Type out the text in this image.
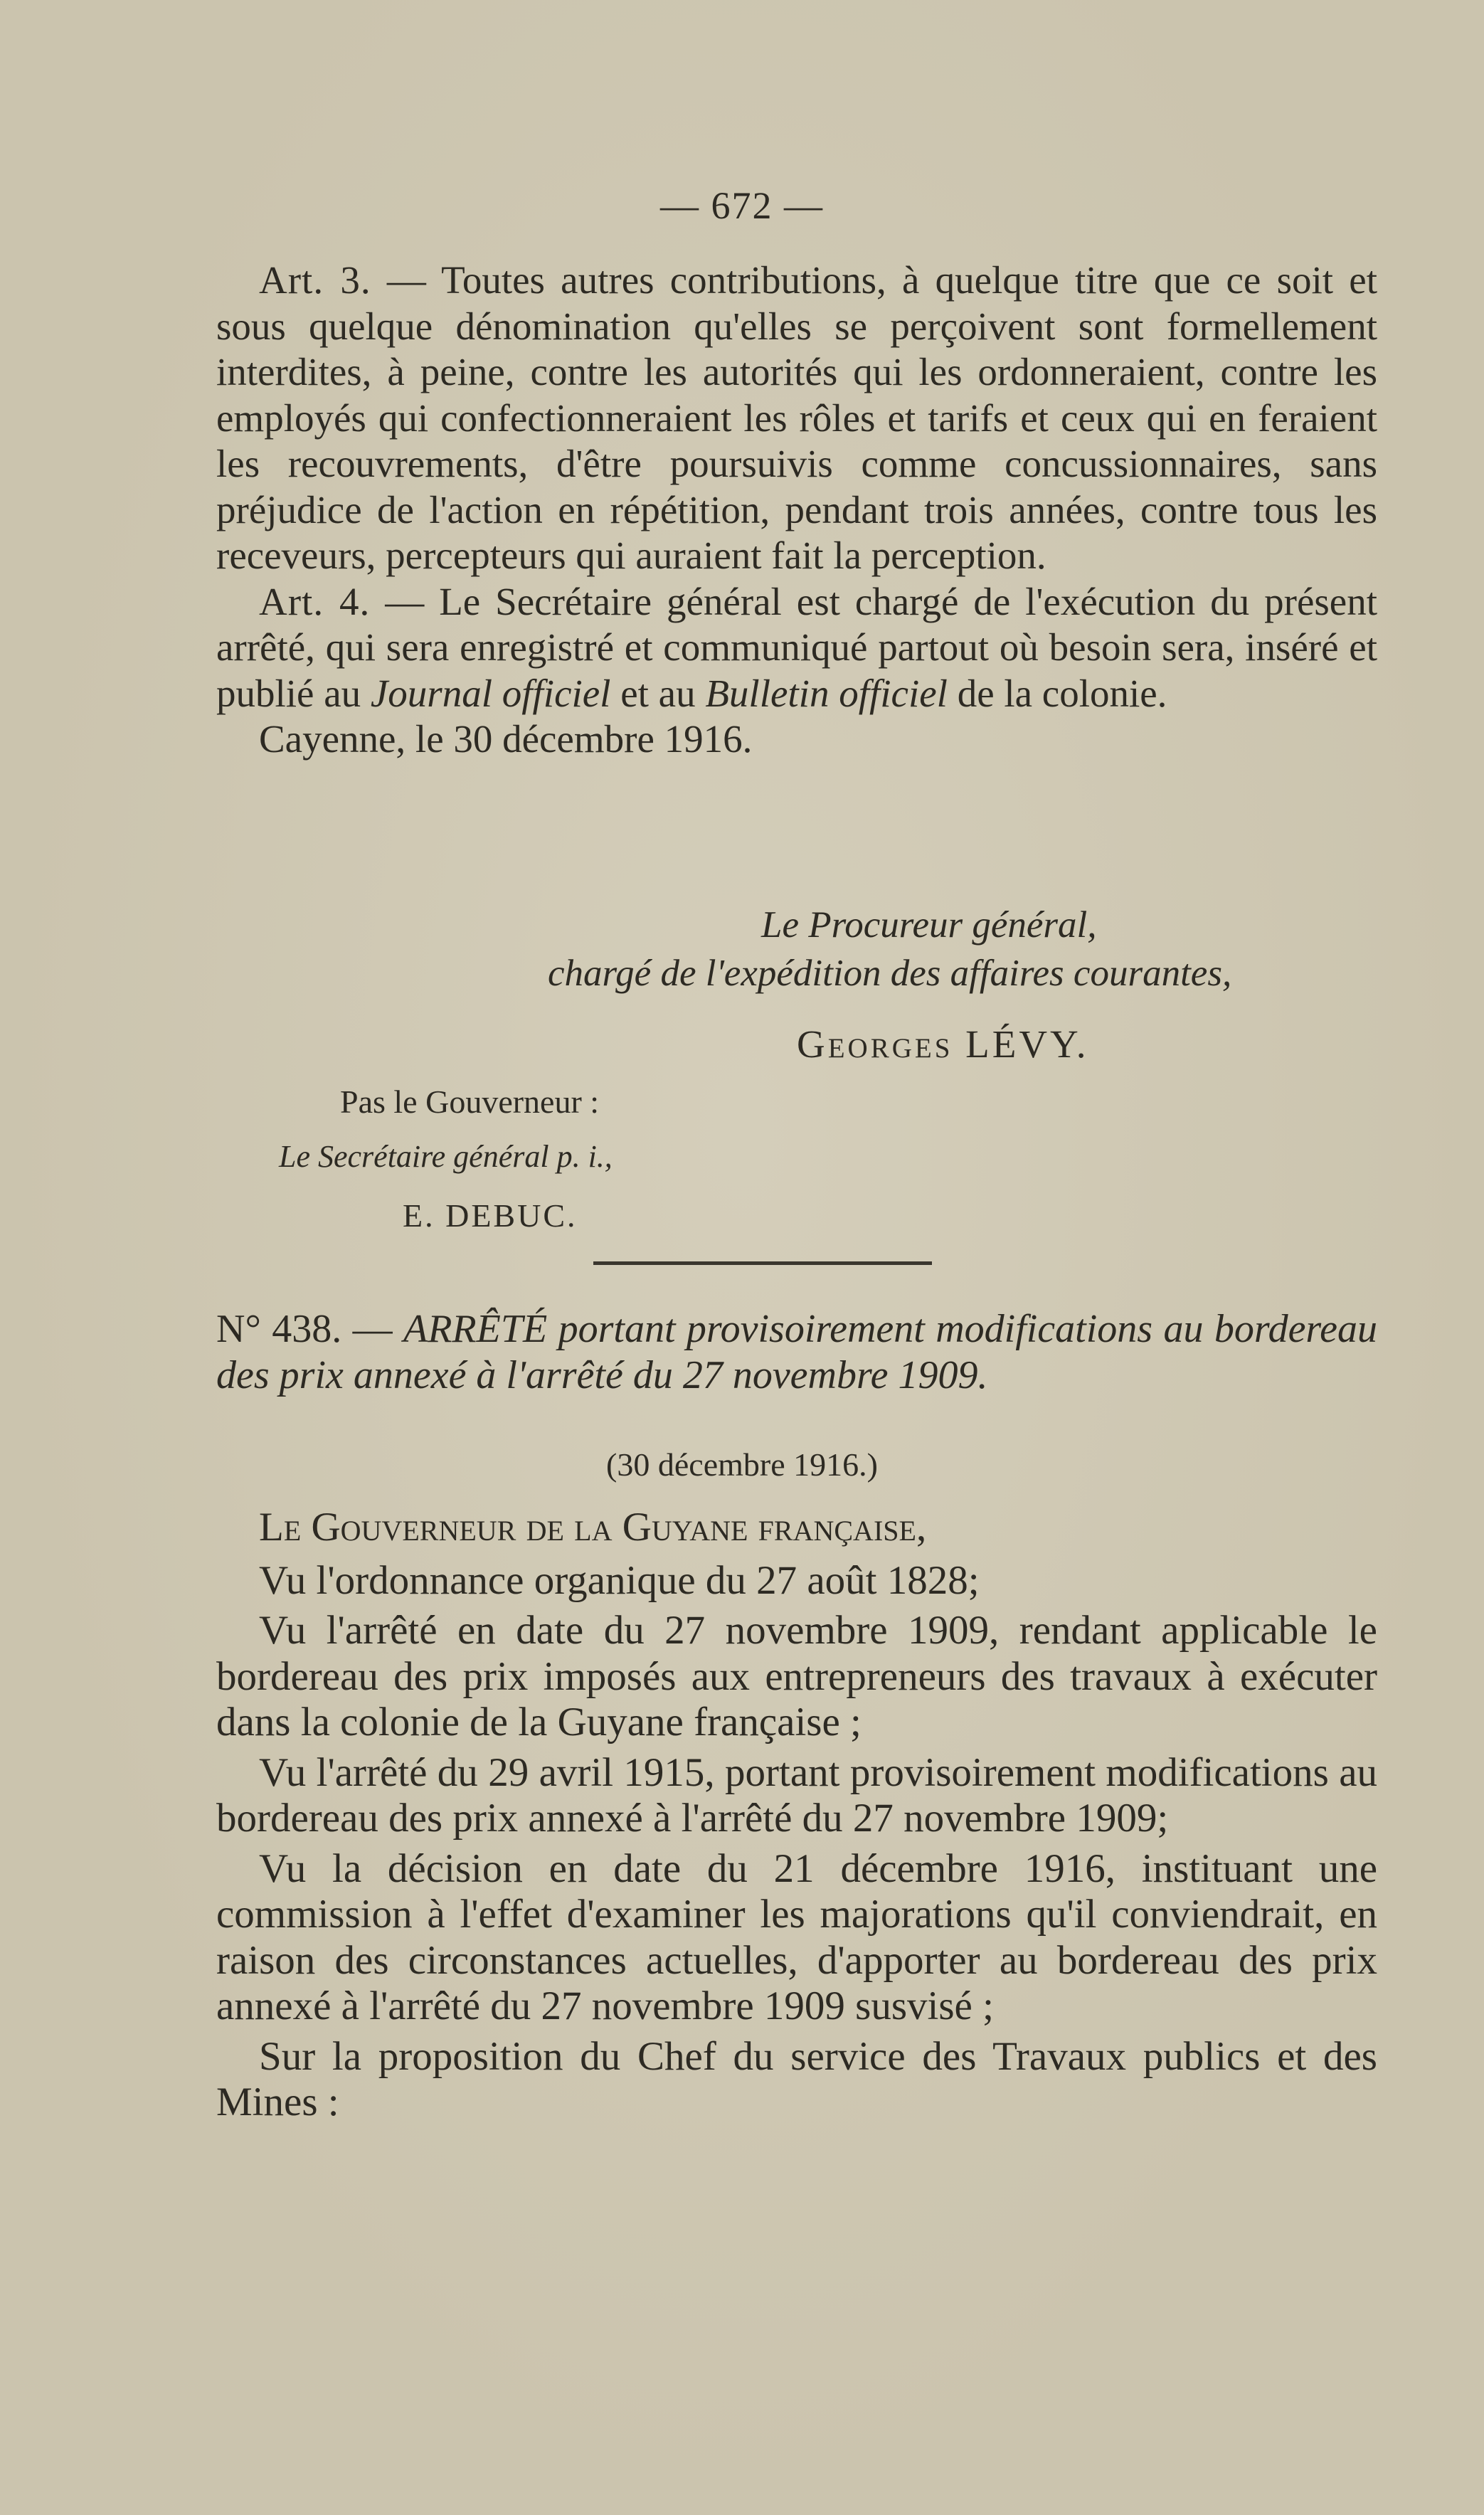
— 672 —

Art. 3. — Toutes autres contributions, à quelque titre que ce soit et sous quelque dénomination qu'elles se perçoivent sont formellement interdites, à peine, contre les autorités qui les ordonneraient, contre les employés qui confectionneraient les rôles et tarifs et ceux qui en feraient les recouvrements, d'être poursuivis comme concussionnaires, sans préjudice de l'action en répétition, pendant trois années, contre tous les receveurs, percepteurs qui auraient fait la perception.

Art. 4. — Le Secrétaire général est chargé de l'exécution du présent arrêté, qui sera enregistré et communiqué partout où besoin sera, inséré et publié au Journal officiel et au Bulletin officiel de la colonie.

Cayenne, le 30 décembre 1916.

Le Procureur général,
chargé de l'expédition des affaires courantes,
Georges LÉVY.
Pas le Gouverneur :
Le Secrétaire général p. i.,
E. DEBUC.

N° 438. — ARRÊTÉ portant provisoirement modifications au bordereau des prix annexé à l'arrêté du 27 novembre 1909.

(30 décembre 1916.)

Le Gouverneur de la Guyane française,

Vu l'ordonnance organique du 27 août 1828;

Vu l'arrêté en date du 27 novembre 1909, rendant applicable le bordereau des prix imposés aux entrepreneurs des travaux à exécuter dans la colonie de la Guyane française ;

Vu l'arrêté du 29 avril 1915, portant provisoirement modifications au bordereau des prix annexé à l'arrêté du 27 novembre 1909;

Vu la décision en date du 21 décembre 1916, instituant une commission à l'effet d'examiner les majorations qu'il conviendrait, en raison des circonstances actuelles, d'apporter au bordereau des prix annexé à l'arrêté du 27 novembre 1909 susvisé ;

Sur la proposition du Chef du service des Travaux publics et des Mines :
